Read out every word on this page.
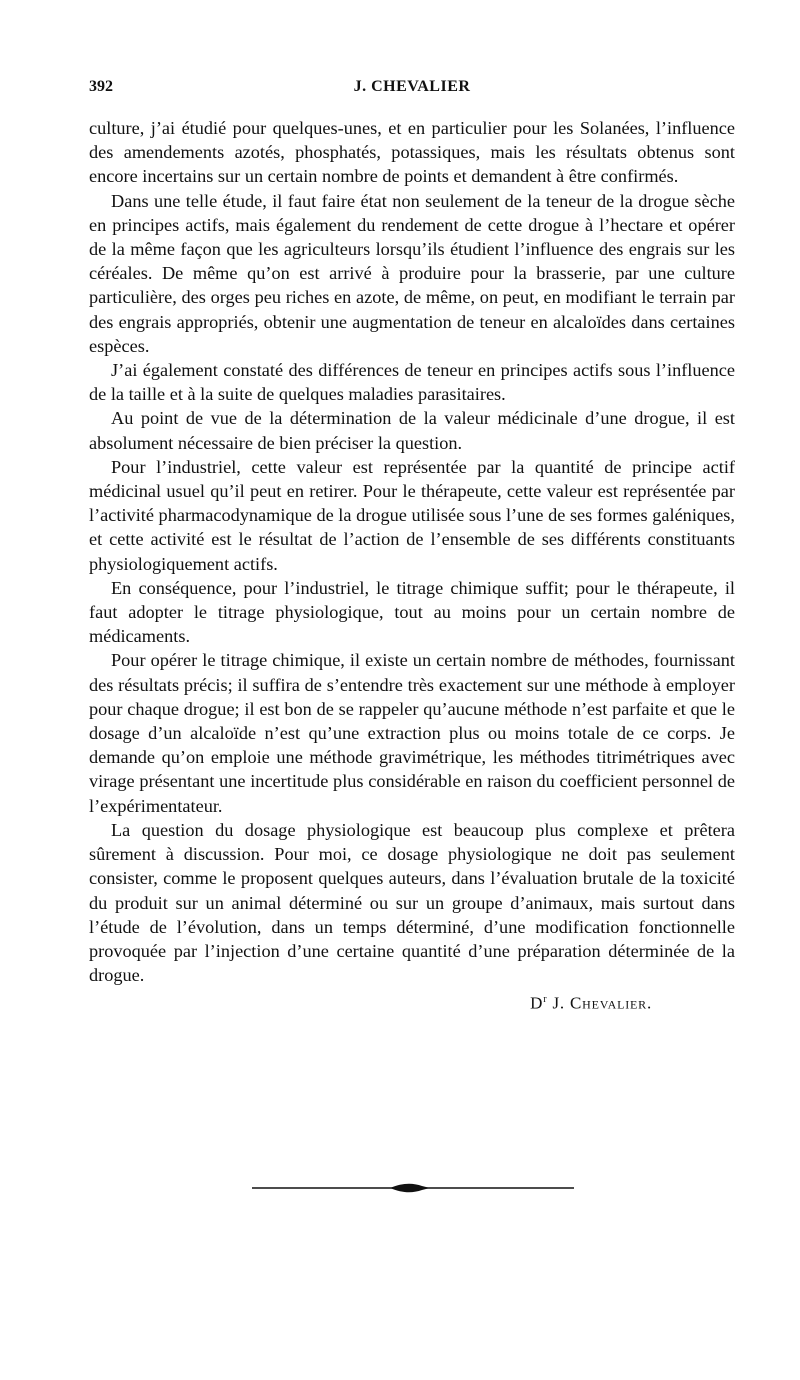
392	J. CHEVALIER

culture, j’ai étudié pour quelques-unes, et en particulier pour les Solanées, l’influence des amendements azotés, phosphatés, potassiques, mais les résultats obtenus sont encore incertains sur un certain nombre de points et demandent à être confirmés.

Dans une telle étude, il faut faire état non seulement de la teneur de la drogue sèche en principes actifs, mais également du rendement de cette drogue à l’hectare et opérer de la même façon que les agriculteurs lorsqu’ils étudient l’influence des engrais sur les céréales. De même qu’on est arrivé à produire pour la brasserie, par une culture particulière, des orges peu riches en azote, de même, on peut, en modifiant le terrain par des engrais appropriés, obtenir une augmentation de teneur en alcaloïdes dans certaines espèces.

J’ai également constaté des différences de teneur en principes actifs sous l’influence de la taille et à la suite de quelques maladies parasitaires.

Au point de vue de la détermination de la valeur médicinale d’une drogue, il est absolument nécessaire de bien préciser la question.

Pour l’industriel, cette valeur est représentée par la quantité de principe actif médicinal usuel qu’il peut en retirer. Pour le thérapeute, cette valeur est représentée par l’activité pharmacodynamique de la drogue utilisée sous l’une de ses formes galéniques, et cette activité est le résultat de l’action de l’ensemble de ses différents constituants physiologiquement actifs.

En conséquence, pour l’industriel, le titrage chimique suffit; pour le thérapeute, il faut adopter le titrage physiologique, tout au moins pour un certain nombre de médicaments.

Pour opérer le titrage chimique, il existe un certain nombre de méthodes, fournissant des résultats précis; il suffira de s’entendre très exactement sur une méthode à employer pour chaque drogue; il est bon de se rappeler qu’aucune méthode n’est parfaite et que le dosage d’un alcaloïde n’est qu’une extraction plus ou moins totale de ce corps. Je demande qu’on emploie une méthode gravimétrique, les méthodes titrimétriques avec virage présentant une incertitude plus considérable en raison du coefficient personnel de l’expérimentateur.

La question du dosage physiologique est beaucoup plus complexe et prêtera sûrement à discussion. Pour moi, ce dosage physiologique ne doit pas seulement consister, comme le proposent quelques auteurs, dans l’évaluation brutale de la toxicité du produit sur un animal déterminé ou sur un groupe d’animaux, mais surtout dans l’étude de l’évolution, dans un temps déterminé, d’une modification fonctionnelle provoquée par l’injection d’une certaine quantité d’une préparation déterminée de la drogue.

$D^r$ J. Chevalier.
